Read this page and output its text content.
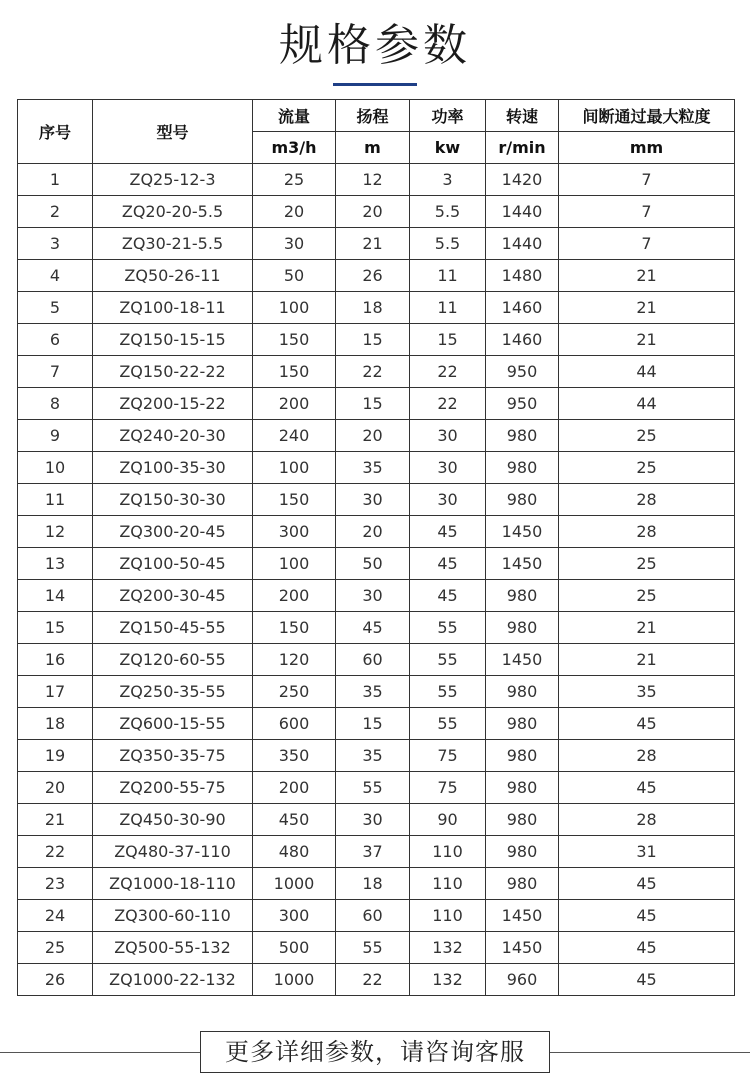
规格参数
序号	型号	流量	扬程	功率	转速	间断通过最大粒度
		m3/h	m	kw	r/min	mm
1	ZQ25-12-3	25	12	3	1420	7
2	ZQ20-20-5.5	20	20	5.5	1440	7
3	ZQ30-21-5.5	30	21	5.5	1440	7
4	ZQ50-26-11	50	26	11	1480	21
5	ZQ100-18-11	100	18	11	1460	21
6	ZQ150-15-15	150	15	15	1460	21
7	ZQ150-22-22	150	22	22	950	44
8	ZQ200-15-22	200	15	22	950	44
9	ZQ240-20-30	240	20	30	980	25
10	ZQ100-35-30	100	35	30	980	25
11	ZQ150-30-30	150	30	30	980	28
12	ZQ300-20-45	300	20	45	1450	28
13	ZQ100-50-45	100	50	45	1450	25
14	ZQ200-30-45	200	30	45	980	25
15	ZQ150-45-55	150	45	55	980	21
16	ZQ120-60-55	120	60	55	1450	21
17	ZQ250-35-55	250	35	55	980	35
18	ZQ600-15-55	600	15	55	980	45
19	ZQ350-35-75	350	35	75	980	28
20	ZQ200-55-75	200	55	75	980	45
21	ZQ450-30-90	450	30	90	980	28
22	ZQ480-37-110	480	37	110	980	31
23	ZQ1000-18-110	1000	18	110	980	45
24	ZQ300-60-110	300	60	110	1450	45
25	ZQ500-55-132	500	55	132	1450	45
26	ZQ1000-22-132	1000	22	132	960	45
更多详细参数，请咨询客服
